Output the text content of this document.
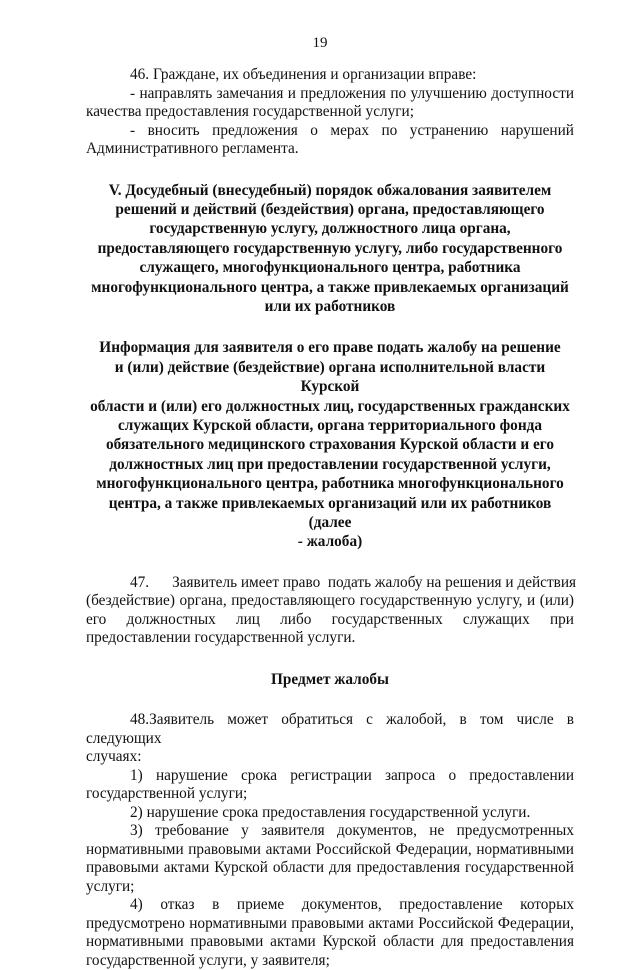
19

46. Граждане, их объединения и организации вправе:

- направлять замечания и предложения по улучшению доступности

качества предоставления государственной услуги;

- вносить предложения о мерах по устранению нарушений

Административного регламента.

V. Досудебный (внесудебный) порядок обжалования заявителем

решений и действий (бездействия) органа, предоставляющего

государственную услугу, должностного лица органа,

предоставляющего государственную услугу, либо государственного

служащего, многофункционального центра, работника

многофункционального центра, а также привлекаемых организаций

или их работников

Информация для заявителя о его праве подать жалобу на решение

и (или) действие (бездействие) органа исполнительной власти Курской

области и (или) его должностных лиц, государственных гражданских

служащих Курской области, органа территориального фонда

обязательного медицинского страхования Курской области и его

должностных лиц при предоставлении государственной услуги,

многофункционального центра, работника многофункционального

центра, а также привлекаемых организаций или их работников (далее

- жалоба)

47.      Заявитель имеет право  подать жалобу на решения и действия

(бездействие) органа, предоставляющего государственную услугу, и (или)

его должностных лиц либо государственных служащих при

предоставлении государственной услуги.

Предмет жалобы

48.Заявитель может обратиться с жалобой, в том числе в следующих

случаях:

1) нарушение срока регистрации запроса о предоставлении

государственной услуги;

2) нарушение срока предоставления государственной услуги.

3) требование у заявителя документов, не предусмотренных

нормативными правовыми актами Российской Федерации, нормативными

правовыми актами Курской области для предоставления государственной

услуги;

4) отказ в приеме документов, предоставление которых

предусмотрено нормативными правовыми актами Российской Федерации,

нормативными правовыми актами Курской области для предоставления

государственной услуги, у заявителя;
